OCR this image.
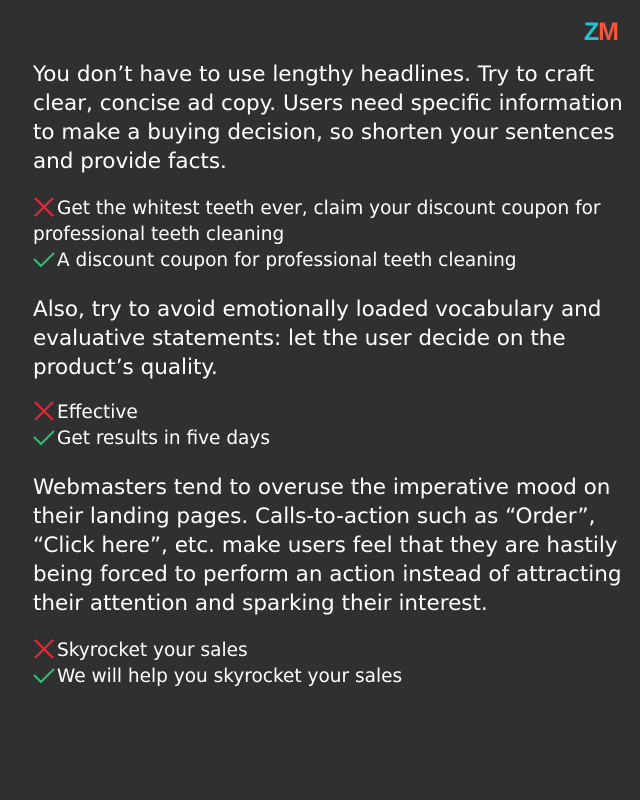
ZM

You don’t have to use lengthy headlines. Try to craft clear, concise ad copy. Users need specific information to make a buying decision, so shorten your sentences and provide facts.

Get the whitest teeth ever, claim your discount coupon for professional teeth cleaning
A discount coupon for professional teeth cleaning

Also, try to avoid emotionally loaded vocabulary and evaluative statements: let the user decide on the product’s quality.

Effective
Get results in five days

Webmasters tend to overuse the imperative mood on their landing pages. Calls-to-action such as “Order”, “Click here”, etc. make users feel that they are hastily being forced to perform an action instead of attracting their attention and sparking their interest.

Skyrocket your sales
We will help you skyrocket your sales
